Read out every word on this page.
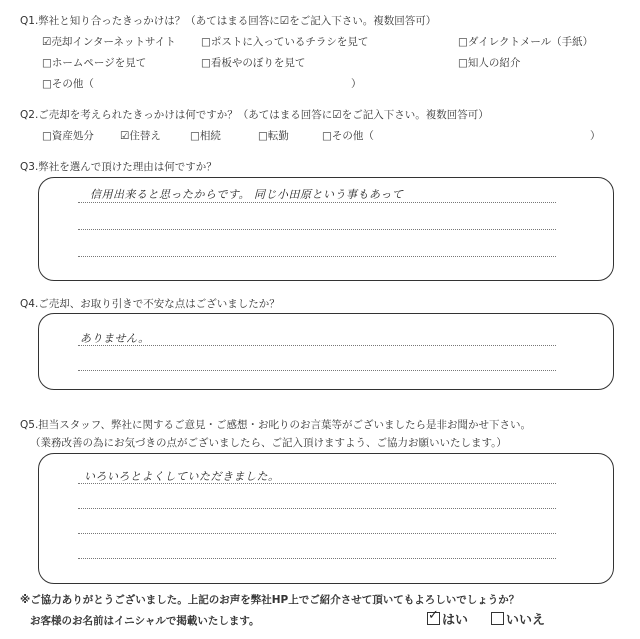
Q1.弊社と知り合ったきっかけは？（あてはまる回答に☑をご記入下さい。複数回答可）
☑売却インターネットサイト □ポストに入っているチラシを見て	□ダイレクトメール（手紙）
□ホームページを見て	□看板やのぼりを見て	□知人の紹介
□その他（	）
Q2.ご売却を考えられたきっかけは何ですか？（あてはまる回答に☑をご記入下さい。複数回答可）
□資産処分 ☑住替え	□相続	□転勤	□その他（	）
Q3.弊社を選んで頂けた理由は何ですか？
信用出来ると思ったからです。 同じ小田原という事もあって
Q4.ご売却、お取り引きで不安な点はございましたか？
ありません。
Q5.担当スタッフ、弊社に関するご意見・ご感想・お叱りのお言葉等がございましたら是非お聞かせ下さい。
（業務改善の為にお気づきの点がございましたら、ご記入頂けますよう、ご協力お願いいたします。）
いろいろとよくしていただきました。
※ご協力ありがとうございました。上記のお声を弊社HP上でご紹介させて頂いてもよろしいでしょうか？
お客様のお名前はイニシャルで掲載いたします。	✓ はい	いいえ
